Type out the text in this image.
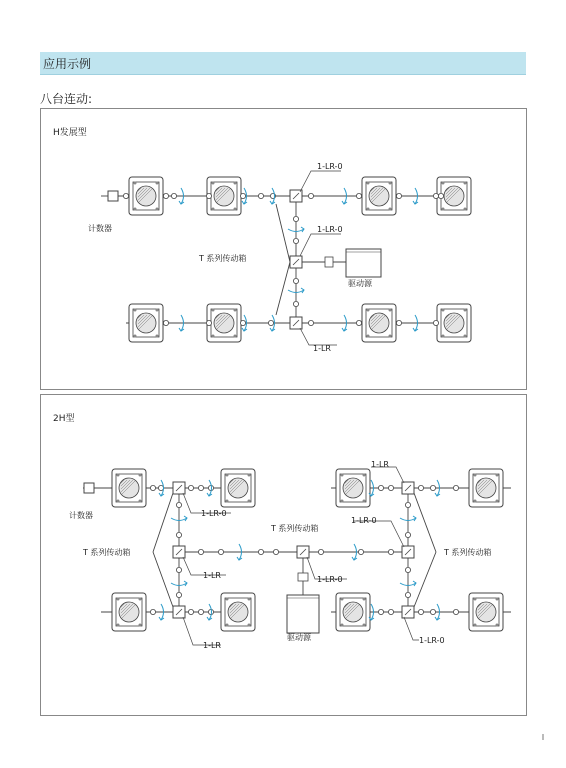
应用示例
八台连动:
H发展型
计数器
T 系列传动箱
驱动源
1-LR-0
1-LR-0
1-LR
2H型
计数器
T 系列传动箱
T 系列传动箱
T 系列传动箱
驱动源
1-LR-0
1-LR
1-LR
1-LR
1-LR-0
1-LR-0
1-LR-0
